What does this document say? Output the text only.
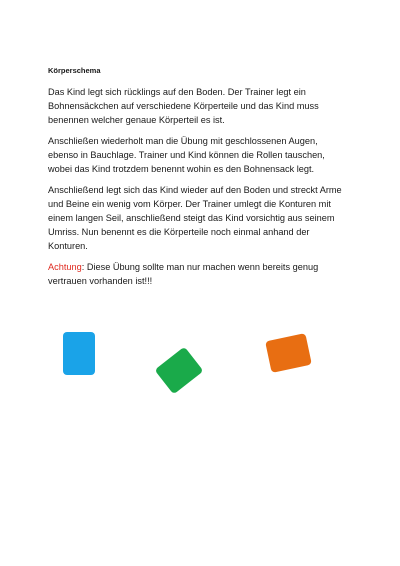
Körperschema

Das Kind legt sich rücklings auf den Boden. Der Trainer legt ein Bohnensäckchen auf verschiedene Körperteile und das Kind muss benennen welcher genaue Körperteil es ist.

Anschließen wiederholt man die Übung mit geschlossenen Augen, ebenso in Bauchlage. Trainer und Kind können die Rollen tauschen, wobei das Kind trotzdem benennt wohin es den Bohnensack legt.

Anschließend legt sich das Kind wieder auf den Boden und streckt Arme und Beine ein wenig vom Körper. Der Trainer umlegt die Konturen mit einem langen Seil, anschließend steigt das Kind vorsichtig aus seinem Umriss. Nun benennt es die Körperteile noch einmal anhand der Konturen.

Achtung: Diese Übung sollte man nur machen wenn bereits genug vertrauen vorhanden ist!!!
